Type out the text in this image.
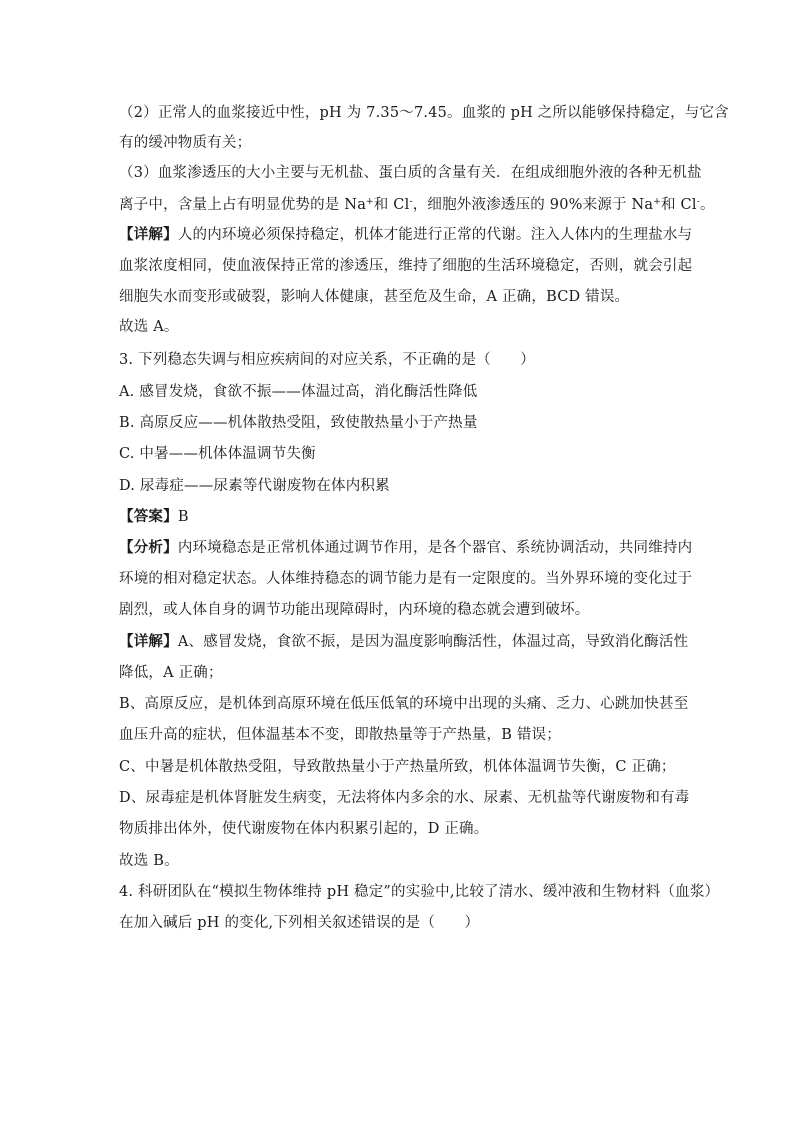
（2）正常人的血浆接近中性，pH 为 7.35～7.45。血浆的 pH 之所以能够保持稳定，与它含
有的缓冲物质有关；
（3）血浆渗透压的大小主要与无机盐、蛋白质的含量有关．在组成细胞外液的各种无机盐
离子中，含量上占有明显优势的是 Na+和 Cl-，细胞外液渗透压的 90%来源于 Na+和 Cl-。
【详解】人的内环境必须保持稳定，机体才能进行正常的代谢。注入人体内的生理盐水与
血浆浓度相同，使血液保持正常的渗透压，维持了细胞的生活环境稳定，否则，就会引起
细胞失水而变形或破裂，影响人体健康，甚至危及生命，A 正确，BCD 错误。
故选 A。
3. 下列稳态失调与相应疾病间的对应关系，不正确的是（　　）
A. 感冒发烧，食欲不振——体温过高，消化酶活性降低
B. 高原反应——机体散热受阻，致使散热量小于产热量
C. 中暑——机体体温调节失衡
D. 尿毒症——尿素等代谢废物在体内积累
【答案】B
【分析】内环境稳态是正常机体通过调节作用，是各个器官、系统协调活动，共同维持内
环境的相对稳定状态。人体维持稳态的调节能力是有一定限度的。当外界环境的变化过于
剧烈，或人体自身的调节功能出现障碍时，内环境的稳态就会遭到破坏。
【详解】A、感冒发烧，食欲不振，是因为温度影响酶活性，体温过高，导致消化酶活性
降低，A 正确；
B、高原反应，是机体到高原环境在低压低氧的环境中出现的头痛、乏力、心跳加快甚至
血压升高的症状，但体温基本不变，即散热量等于产热量，B 错误；
C、中暑是机体散热受阻，导致散热量小于产热量所致，机体体温调节失衡，C 正确；
D、尿毒症是机体肾脏发生病变，无法将体内多余的水、尿素、无机盐等代谢废物和有毒
物质排出体外，使代谢废物在体内积累引起的，D 正确。
故选 B。
4. 科研团队在“模拟生物体维持 pH 稳定”的实验中,比较了清水、缓冲液和生物材料（血浆）
在加入碱后 pH 的变化,下列相关叙述错误的是（　　）
